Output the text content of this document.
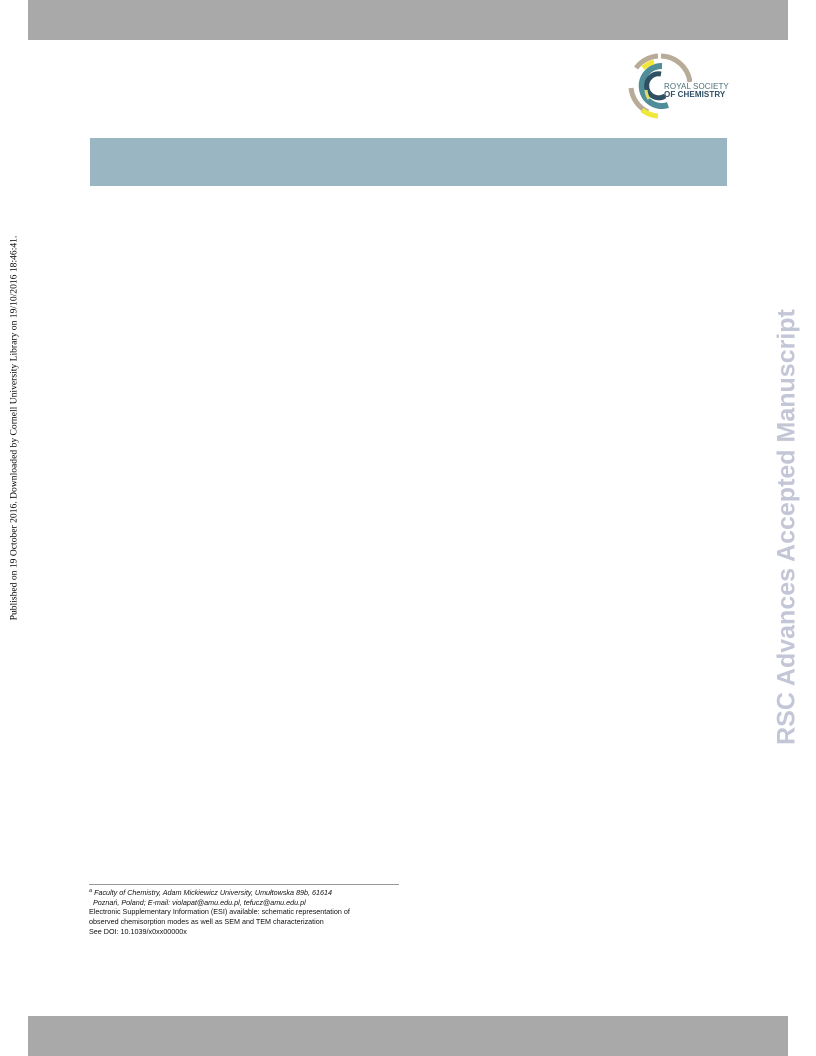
ROYAL SOCIETY
OF CHEMISTRY
Published on 19 October 2016. Downloaded by Cornell University Library on 19/10/2016 18:46:41.	RSC Advances Accepted Manuscript
$^a$ Faculty of Chemistry, Adam Mickiewicz University, Umułtowska 89b, 61614
Poznań, Poland; E-mail: violapat@amu.edu.pl, tefucz@amu.edu.pl
Electronic Supplementary Information (ESI) available: schematic representation of
observed chemisorption modes as well as SEM and TEM characterization
See DOI: 10.1039/x0xx00000x
